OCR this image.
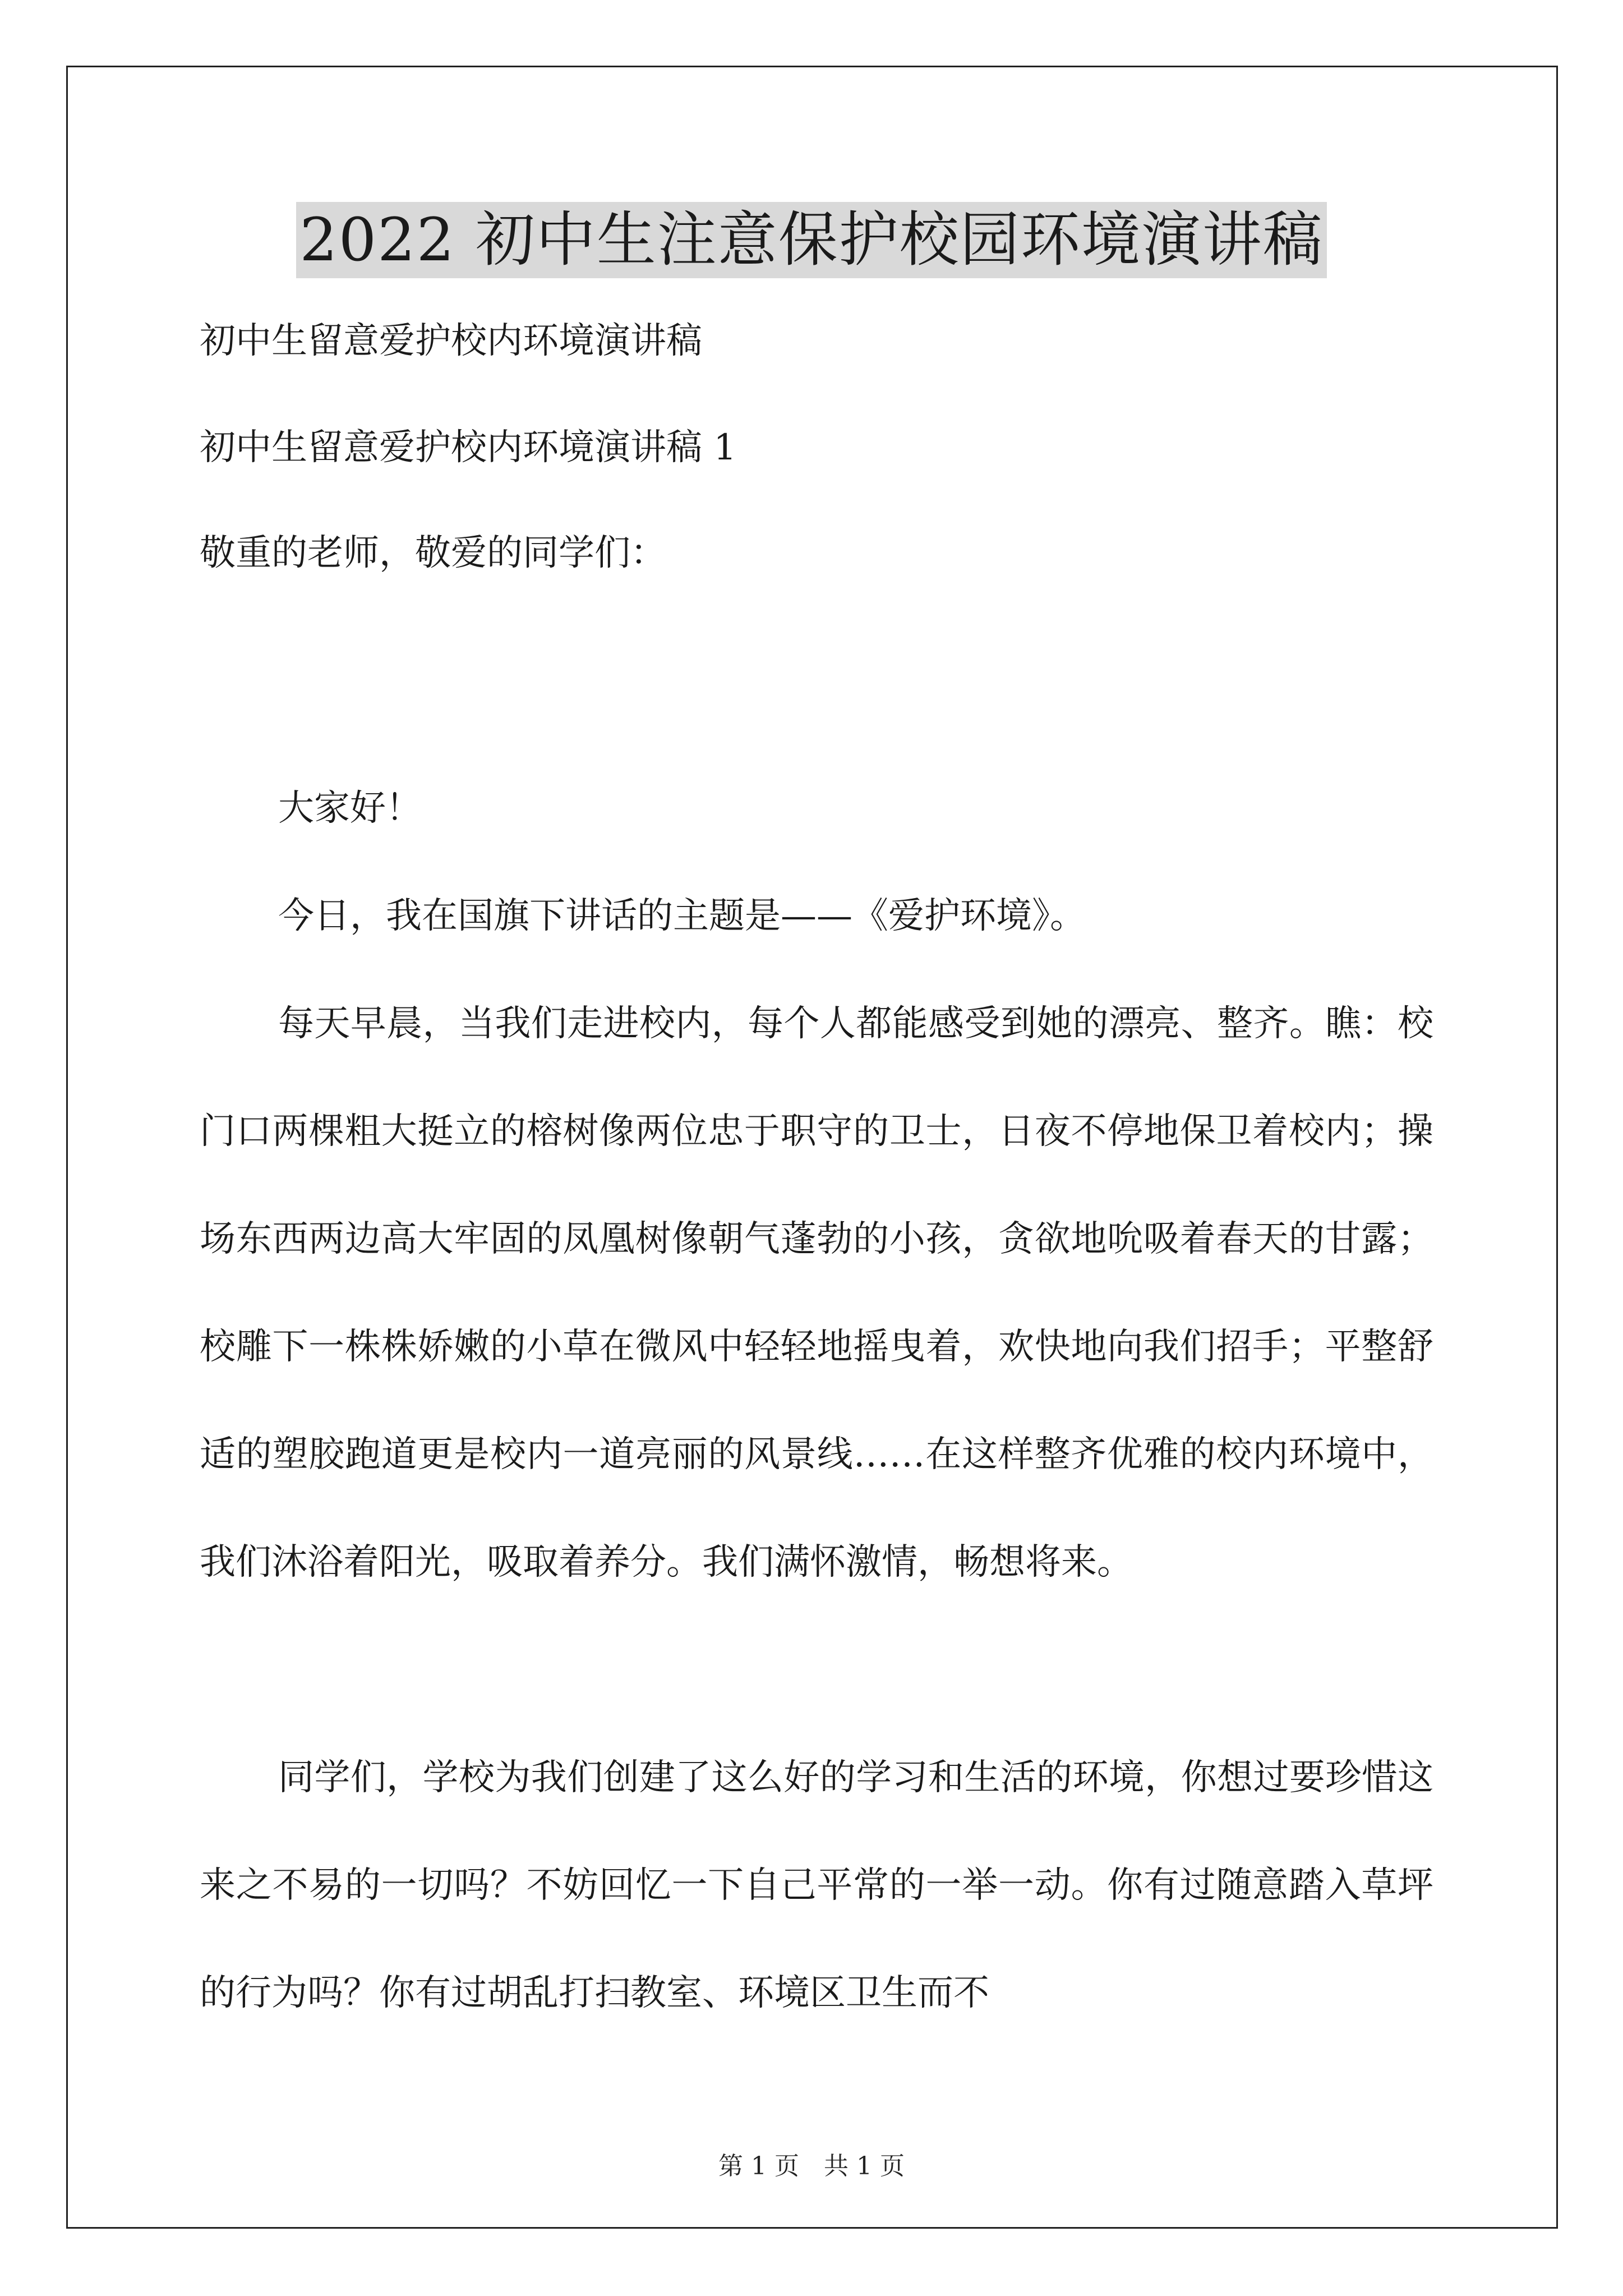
2022 初中生注意保护校园环境演讲稿

初中生留意爱护校内环境演讲稿

初中生留意爱护校内环境演讲稿 1

敬重的老师，敬爱的同学们：

大家好！

今日，我在国旗下讲话的主题是——《爱护环境》。

每天早晨，当我们走进校内，每个人都能感受到她的漂亮、整齐。瞧：校门口两棵粗大挺立的榕树像两位忠于职守的卫士，日夜不停地保卫着校内；操场东西两边高大牢固的凤凰树像朝气蓬勃的小孩，贪欲地吮吸着春天的甘露；校雕下一株株娇嫩的小草在微风中轻轻地摇曳着，欢快地向我们招手；平整舒适的塑胶跑道更是校内一道亮丽的风景线……在这样整齐优雅的校内环境中，我们沐浴着阳光，吸取着养分。我们满怀激情，畅想将来。

同学们，学校为我们创建了这么好的学习和生活的环境，你想过要珍惜这来之不易的一切吗？不妨回忆一下自己平常的一举一动。你有过随意踏入草坪的行为吗？你有过胡乱打扫教室、环境区卫生而不

第 1 页　共 1 页
